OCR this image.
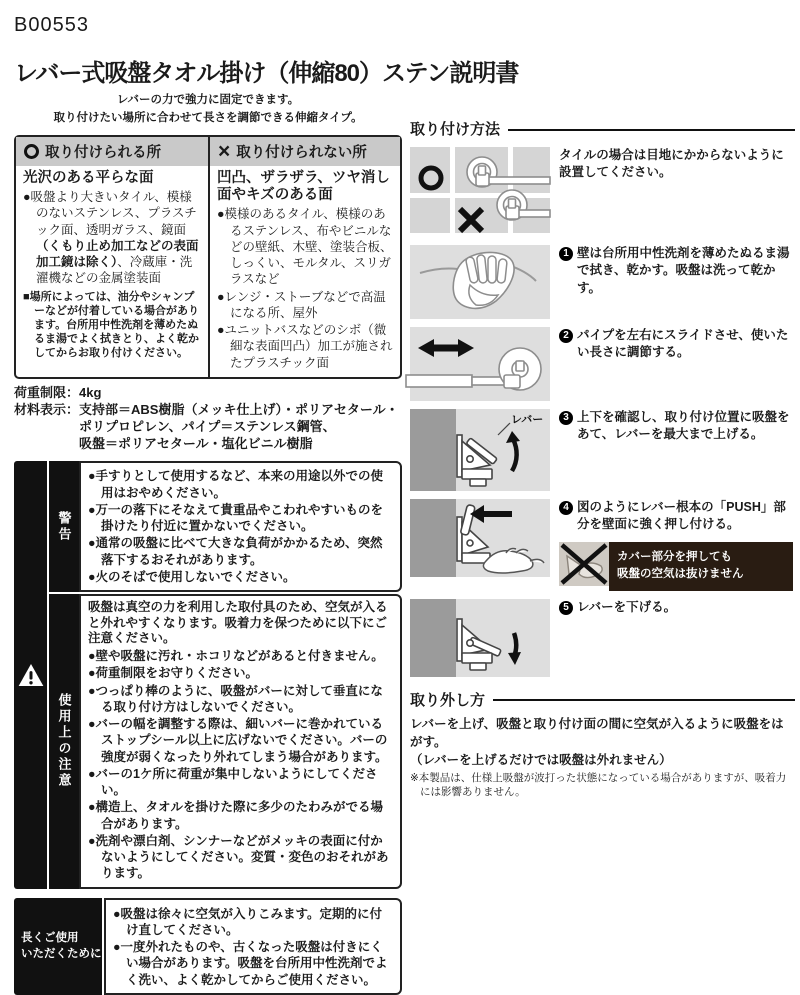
B00553
レバー式吸盤タオル掛け（伸縮80）ステン説明書
レバーの力で強力に固定できます。
取り付けたい場所に合わせて長さを調節できる伸縮タイプ。
取り付けられる所
光沢のある平らな面

●吸盤より大きいタイル、模様のないステンレス、プラスチック面、透明ガラス、鏡面（くもり止め加工などの表面加工鏡は除く）、冷蔵庫・洗濯機などの金属塗装面

■場所によっては、油分やシャンプーなどが付着している場合があります。台所用中性洗剤を薄めたぬるま湯でよく拭きとり、よく乾かしてからお取り付けください。

× 取り付けられない所
凹凸、ザラザラ、ツヤ消し面やキズのある面

●模様のあるタイル、模様のあるステンレス、布やビニルなどの壁紙、木壁、塗装合板、しっくい、モルタル、スリガラスなど

●レンジ・ストーブなどで高温になる所、屋外

●ユニットバスなどのシボ（微細な表面凹凸）加工が施されたプラスチック面

荷重制限： 4kg
材料表示： 支持部＝ABS樹脂（メッキ仕上げ）・ポリアセタール・ポリプロピレン、パイプ＝ステンレス鋼管、
吸盤＝ポリアセタール・塩化ビニル樹脂
警告

●手すりとして使用するなど、本来の用途以外での使用はおやめください。

●万一の落下にそなえて貴重品やこわれやすいものを掛けたり付近に置かないでください。

●通常の吸盤に比べて大きな負荷がかかるため、突然落下するおそれがあります。

●火のそばで使用しないでください。

使用上の注意

吸盤は真空の力を利用した取付具のため、空気が入ると外れやすくなります。吸着力を保つために以下にご注意ください。

●壁や吸盤に汚れ・ホコリなどがあると付きません。

●荷重制限をお守りください。

●つっぱり棒のように、吸盤がバーに対して垂直になる取り付け方はしないでください。

●バーの幅を調整する際は、細いバーに巻かれているストップシール以上に広げないでください。バーの強度が弱くなったり外れてしまう場合があります。

●バーの1ケ所に荷重が集中しないようにしてください。

●構造上、タオルを掛けた際に多少のたわみがでる場合があります。

●洗剤や漂白剤、シンナーなどがメッキの表面に付かないようにしてください。変質・変色のおそれがあります。

長くご使用
いただくために

●吸盤は徐々に空気が入りこみます。定期的に付け直してください。

●一度外れたものや、古くなった吸盤は付きにくい場合があります。吸盤を台所用中性洗剤でよく洗い、よく乾かしてからご使用ください。

取り付け方法

タイルの場合は目地にかからないように設置してください。

1 壁は台所用中性洗剤を薄めたぬるま湯で拭き、乾かす。吸盤は洗って乾かす。

2 パイプを左右にスライドさせ、使いたい長さに調節する。

レバー	3 上下を確認し、取り付け位置に吸盤をあて、レバーを最大まで上げる。

4 図のようにレバー根本の「PUSH」部分を壁面に強く押し付ける。

カバー部分を押しても
吸盤の空気は抜けません
5 レバーを下げる。

取り外し方

レバーを上げ、吸盤と取り付け面の間に空気が入るように吸盤をはがす。
（レバーを上げるだけでは吸盤は外れません）

※本製品は、仕様上吸盤が波打った状態になっている場合がありますが、吸着力には影響ありません。
